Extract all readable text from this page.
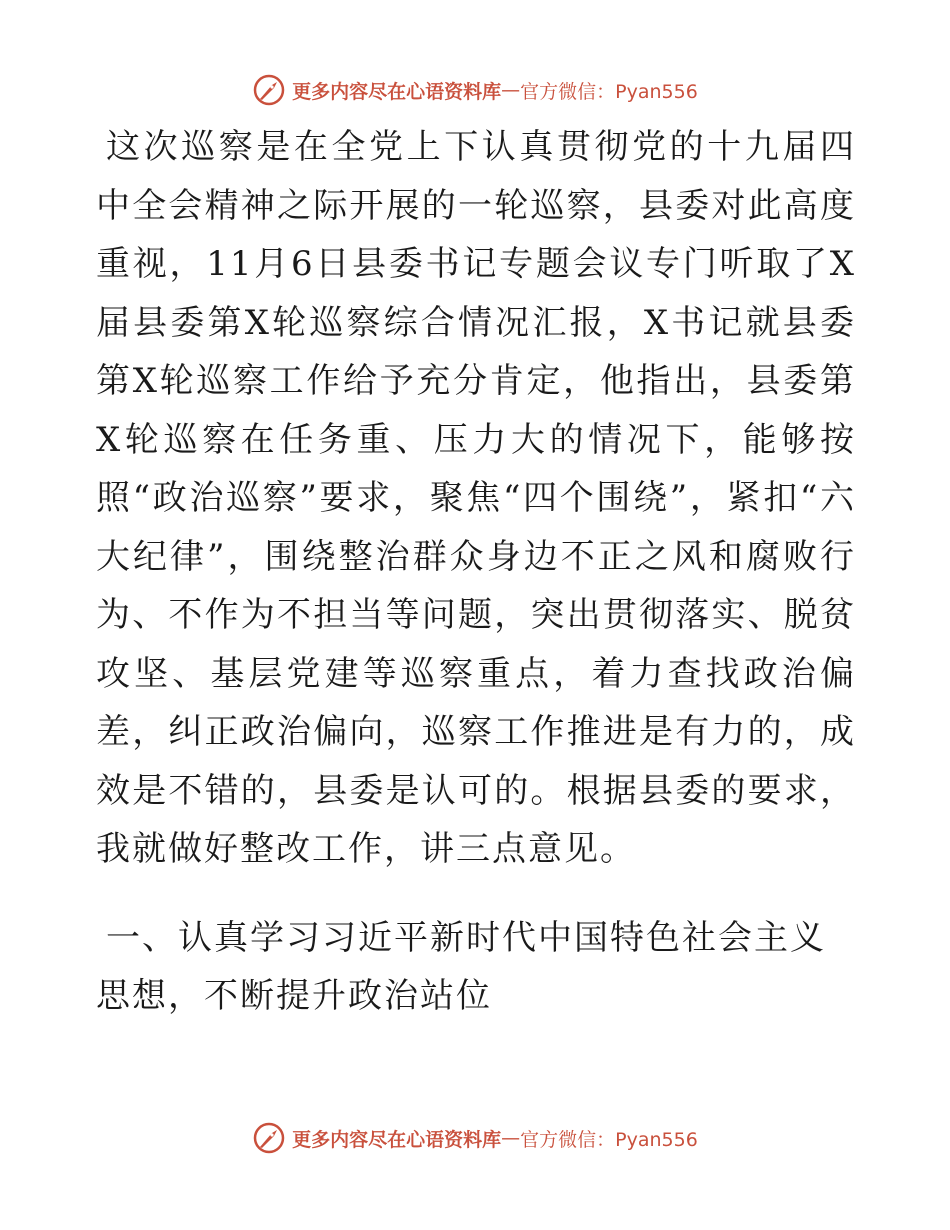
更多内容尽在心语资料库 — 官方微信：Pyan556

这次巡察是在全党上下认真贯彻党的十九届四中全会精神之际开展的一轮巡察，县委对此高度重视，11月6日县委书记专题会议专门听取了X届县委第X轮巡察综合情况汇报，X书记就县委第X轮巡察工作给予充分肯定，他指出，县委第X轮巡察在任务重、压力大的情况下，能够按照“政治巡察”要求，聚焦“四个围绕”，紧扣“六大纪律”，围绕整治群众身边不正之风和腐败行为、不作为不担当等问题，突出贯彻落实、脱贫攻坚、基层党建等巡察重点，着力查找政治偏差，纠正政治偏向，巡察工作推进是有力的，成效是不错的，县委是认可的。根据县委的要求，我就做好整改工作，讲三点意见。

一、认真学习习近平新时代中国特色社会主义思想，不断提升政治站位

更多内容尽在心语资料库 — 官方微信：Pyan556
